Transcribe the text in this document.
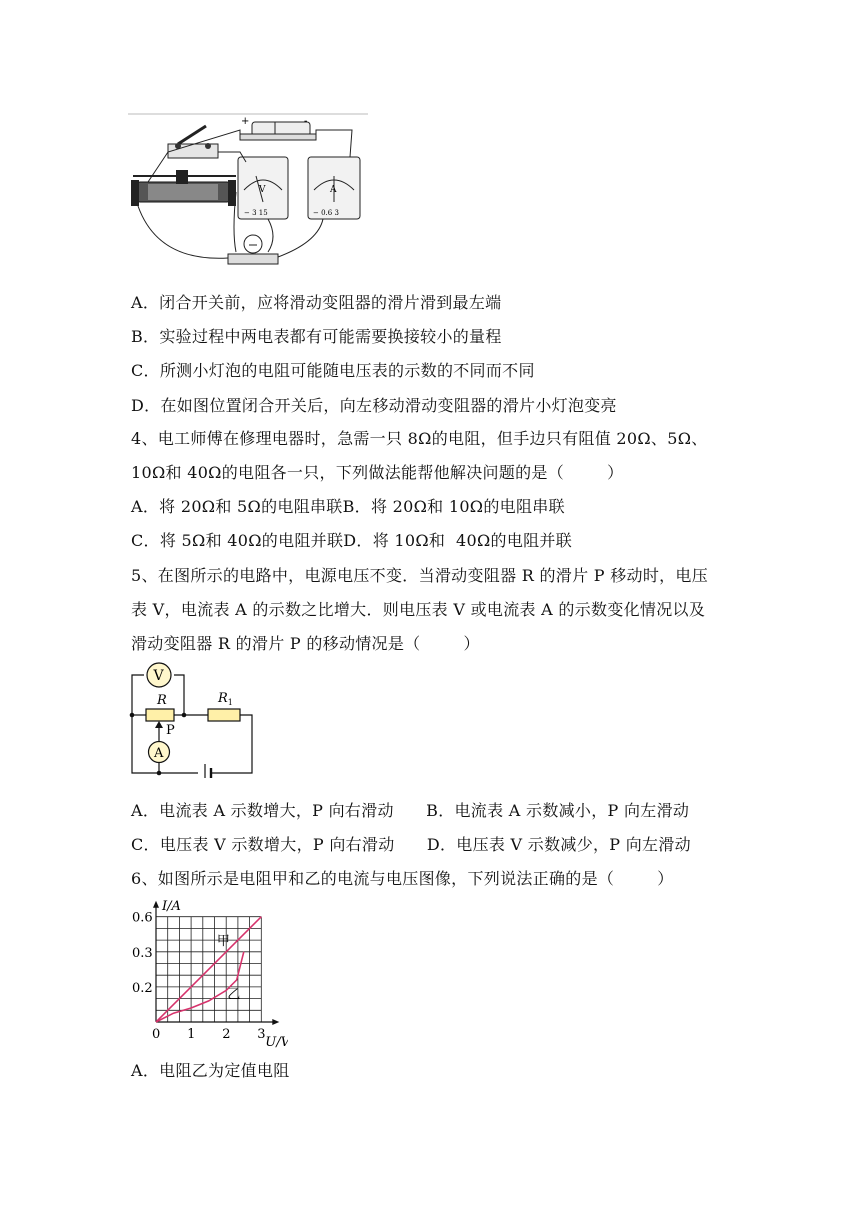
+	-
V
− 3 15
A
− 0.6 3
A．闭合开关前，应将滑动变阻器的滑片滑到最左端
B．实验过程中两电表都有可能需要换接较小的量程
C．所测小灯泡的电阻可能随电压表的示数的不同而不同
D．在如图位置闭合开关后，向左移动滑动变阻器的滑片小灯泡变亮
4、电工师傅在修理电器时，急需一只 8Ω的电阻，但手边只有阻值 20Ω、5Ω、
10Ω和 40Ω的电阻各一只，下列做法能帮他解决问题的是（        ）
A．将 20Ω和 5Ω的电阻串联B．将 20Ω和 10Ω的电阻串联
C．将 5Ω和 40Ω的电阻并联D．将 10Ω和  40Ω的电阻并联
5、在图所示的电路中，电源电压不变．当滑动变阻器 R 的滑片 P 移动时，电压
表 V，电流表 A 的示数之比增大．则电压表 V 或电流表 A 的示数变化情况以及
滑动变阻器 R 的滑片 P 的移动情况是（        ）
V
R
P
$R_1$
A
A．电流表 A 示数增大，P 向右滑动      B．电流表 A 示数减小，P 向左滑动
C．电压表 V 示数增大，P 向右滑动      D．电压表 V 示数减少，P 向左滑动
6、如图所示是电阻甲和乙的电流与电压图像，下列说法正确的是（        ）
I/A
U/V
0 1 2 3
0.2
0.3
0.6
甲
乙
A．电阻乙为定值电阻
